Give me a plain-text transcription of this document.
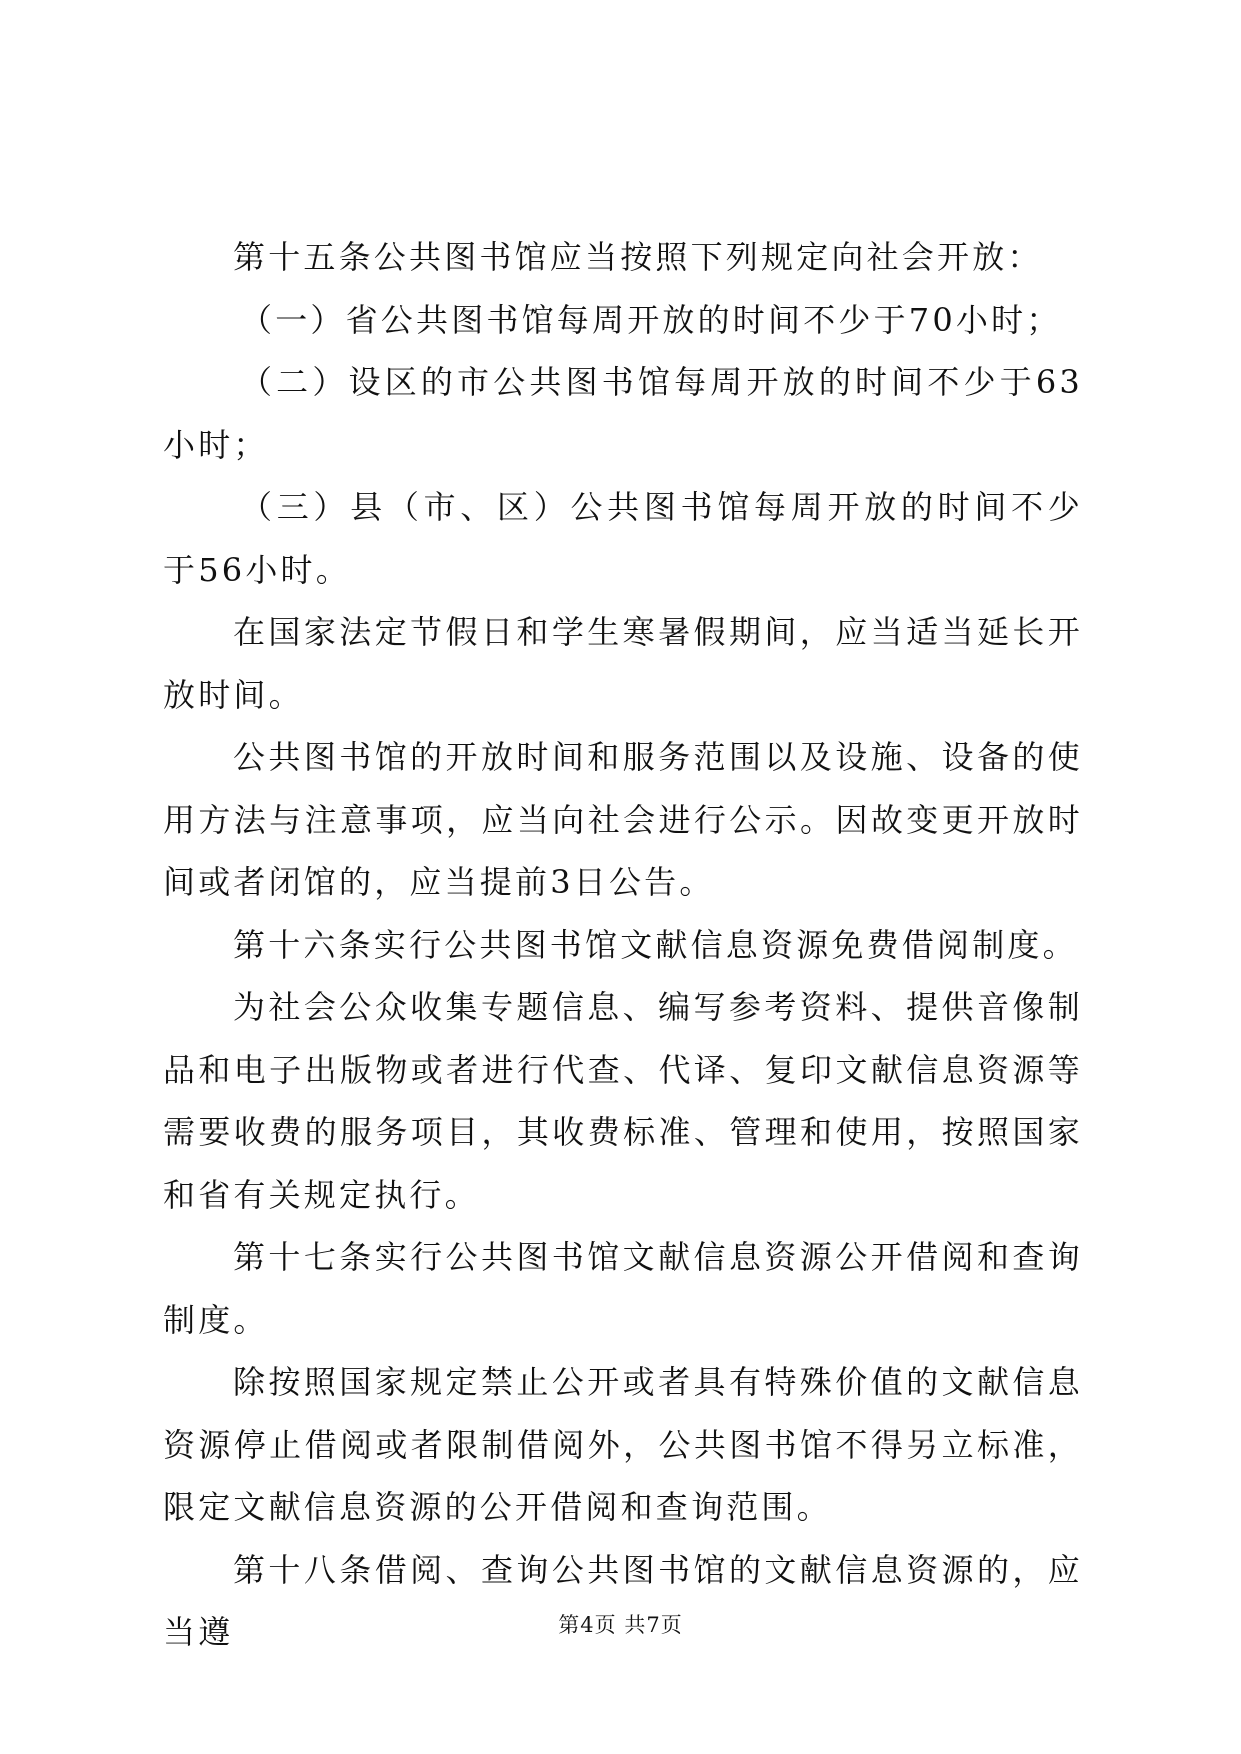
第十五条公共图书馆应当按照下列规定向社会开放：

（一）省公共图书馆每周开放的时间不少于70小时；

（二）设区的市公共图书馆每周开放的时间不少于63小时；

（三）县（市、区）公共图书馆每周开放的时间不少于56小时。

在国家法定节假日和学生寒暑假期间，应当适当延长开放时间。

公共图书馆的开放时间和服务范围以及设施、设备的使用方法与注意事项，应当向社会进行公示。因故变更开放时间或者闭馆的，应当提前3日公告。

第十六条实行公共图书馆文献信息资源免费借阅制度。

为社会公众收集专题信息、编写参考资料、提供音像制品和电子出版物或者进行代查、代译、复印文献信息资源等需要收费的服务项目，其收费标准、管理和使用，按照国家和省有关规定执行。

第十七条实行公共图书馆文献信息资源公开借阅和查询制度。

除按照国家规定禁止公开或者具有特殊价值的文献信息资源停止借阅或者限制借阅外，公共图书馆不得另立标准，限定文献信息资源的公开借阅和查询范围。

第十八条借阅、查询公共图书馆的文献信息资源的，应当遵	第4页 共7页
